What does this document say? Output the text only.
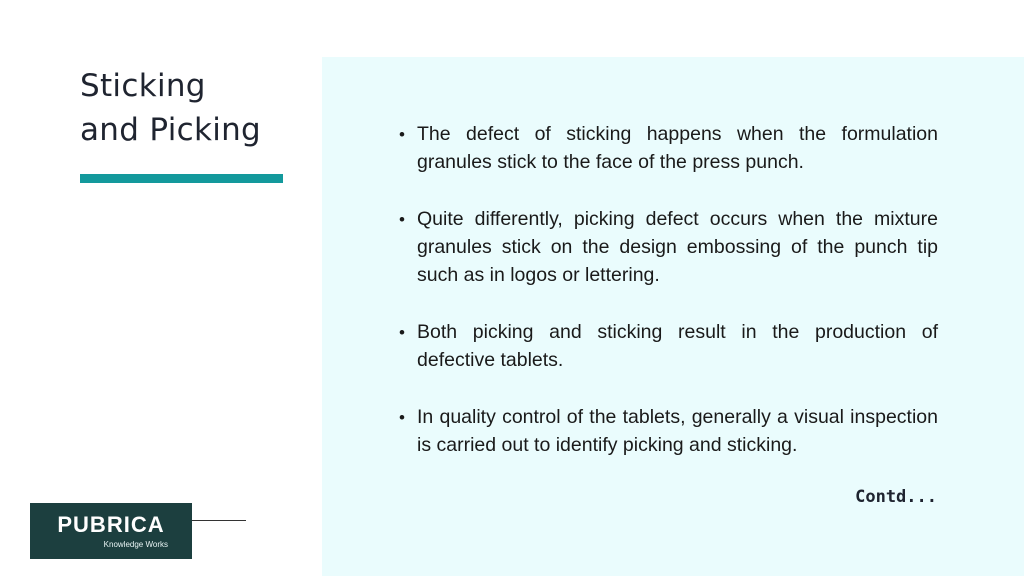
Sticking
and Picking	• The defect of sticking happens when the formulation granules stick to the face of the press punch.
• Quite differently, picking defect occurs when the mixture granules stick on the design embossing of the punch tip such as in logos or lettering.
• Both picking and sticking result in the production of defective tablets.
• In quality control of the tablets, generally a visual inspection is carried out to identify picking and sticking.
Contd...
PUBRICA
Knowledge Works
